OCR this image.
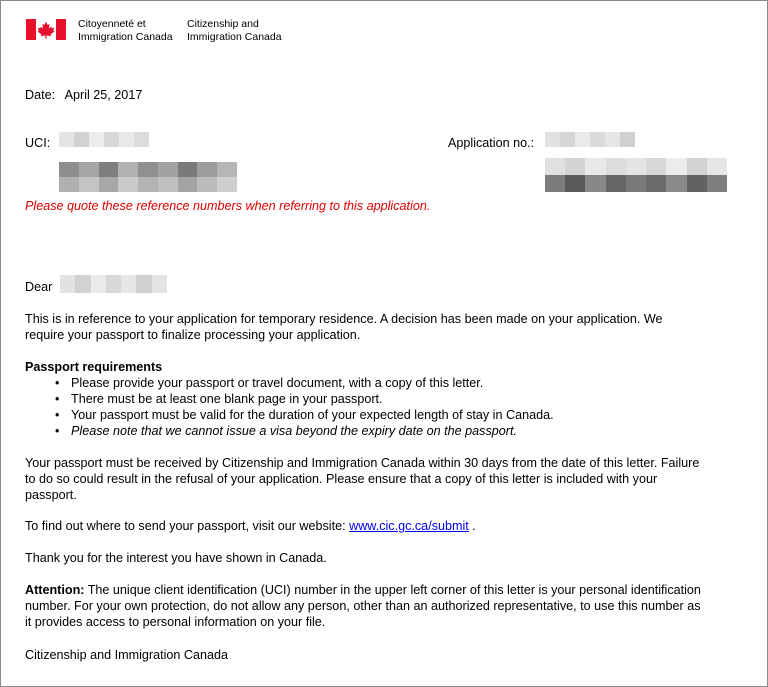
Citoyenneté et
Immigration Canada
Citizenship and
Immigration Canada
Date: April 25, 2017
UCI:	Application no.:
Please quote these reference numbers when referring to this application.
Dear
This is in reference to your application for temporary residence. A decision has been made on your application. We
require your passport to finalize processing your application.
Passport requirements
• Please provide your passport or travel document, with a copy of this letter.
• There must be at least one blank page in your passport.
• Your passport must be valid for the duration of your expected length of stay in Canada.
• Please note that we cannot issue a visa beyond the expiry date on the passport.
Your passport must be received by Citizenship and Immigration Canada within 30 days from the date of this letter. Failure
to do so could result in the refusal of your application. Please ensure that a copy of this letter is included with your
passport.
To find out where to send your passport, visit our website: www.cic.gc.ca/submit .
Thank you for the interest you have shown in Canada.
Attention: The unique client identification (UCI) number in the upper left corner of this letter is your personal identification
number. For your own protection, do not allow any person, other than an authorized representative, to use this number as
it provides access to personal information on your file.
Citizenship and Immigration Canada
